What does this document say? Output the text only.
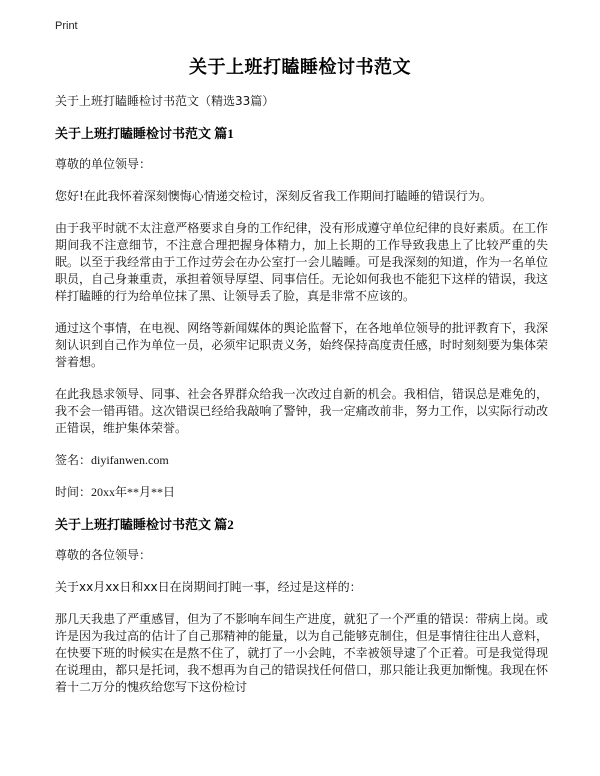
Print
关于上班打瞌睡检讨书范文

关于上班打瞌睡检讨书范文（精选33篇）

关于上班打瞌睡检讨书范文 篇1

尊敬的单位领导：

您好!在此我怀着深刻懊悔心情递交检讨，深刻反省我工作期间打瞌睡的错误行为。

由于我平时就不太注意严格要求自身的工作纪律，没有形成遵守单位纪律的良好素质。在工作期间我不注意细节，不注意合理把握身体精力，加上长期的工作导致我患上了比较严重的失眠。以至于我经常由于工作过劳会在办公室打一会儿瞌睡。可是我深刻的知道，作为一名单位职员，自己身兼重责，承担着领导厚望、同事信任。无论如何我也不能犯下这样的错误，我这样打瞌睡的行为给单位抹了黑、让领导丢了脸，真是非常不应该的。

通过这个事情，在电视、网络等新闻媒体的舆论监督下，在各地单位领导的批评教育下，我深刻认识到自己作为单位一员，必须牢记职责义务，始终保持高度责任感，时时刻刻要为集体荣誉着想。

在此我恳求领导、同事、社会各界群众给我一次改过自新的机会。我相信，错误总是难免的，我不会一错再错。这次错误已经给我敲响了警钟，我一定痛改前非，努力工作，以实际行动改正错误，维护集体荣誉。

签名：diyifanwen.com

时间：20xx年**月**日

关于上班打瞌睡检讨书范文 篇2

尊敬的各位领导：

关于xx月xx日和xx日在岗期间打盹一事，经过是这样的：

那几天我患了严重感冒，但为了不影响车间生产进度，就犯了一个严重的错误：带病上岗。或许是因为我过高的估计了自己那精神的能量，以为自己能够克制住，但是事情往往出人意料，在快要下班的时候实在是熬不住了，就打了一小会盹，不幸被领导逮了个正着。可是我觉得现在说理由，都只是托词，我不想再为自己的错误找任何借口，那只能让我更加惭愧。我现在怀着十二万分的愧疚给您写下这份检讨
